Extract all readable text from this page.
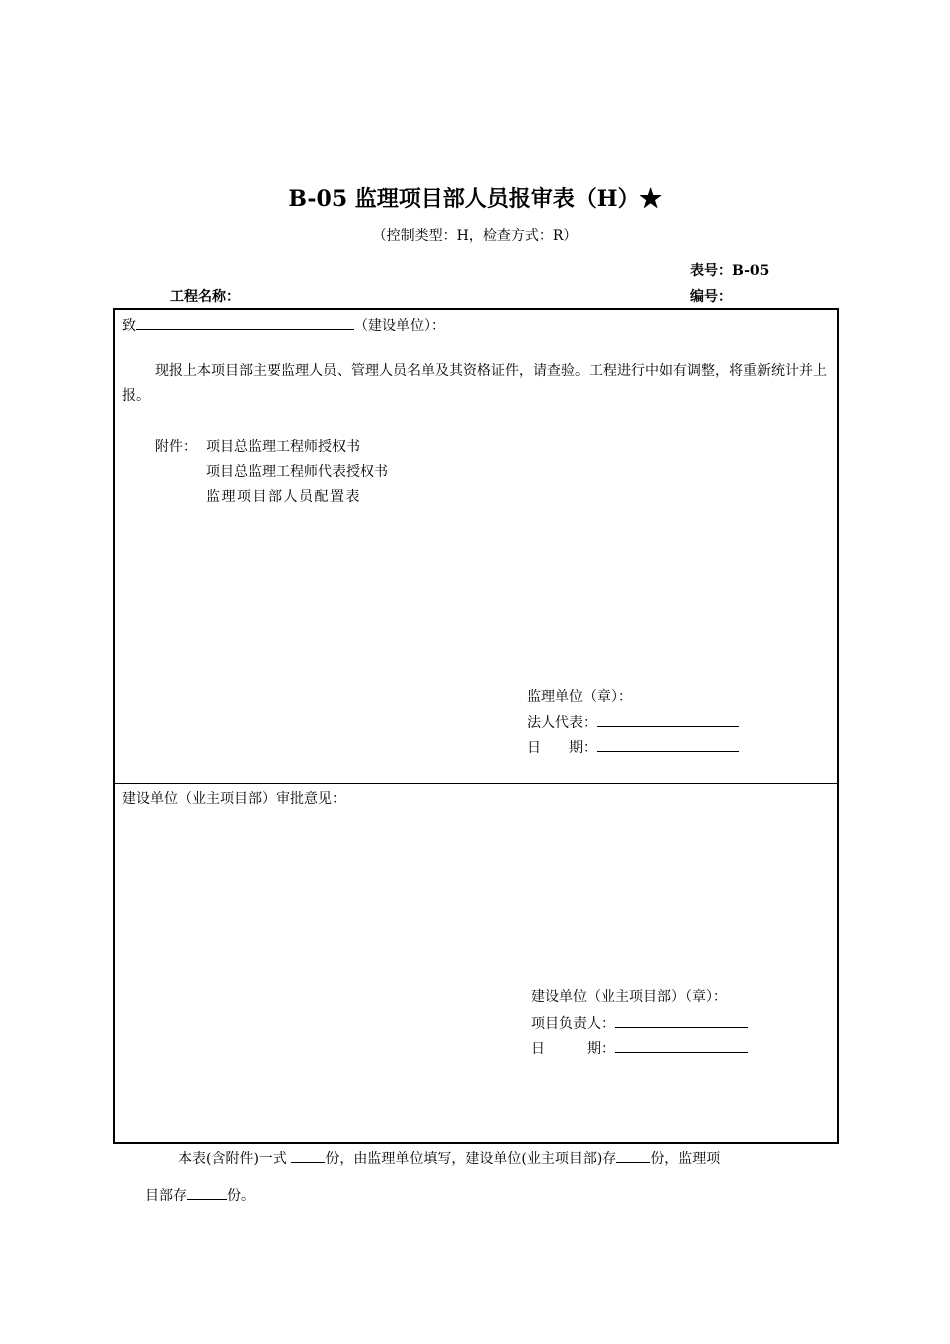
B-05 监理项目部人员报审表（H）★
（控制类型：H，检查方式：R）
表号：B-05
工程名称：	编号：
致	（建设单位）：
现报上本项目部主要监理人员、管理人员名单及其资格证件，请查验。工程进行中如有调整，将重新统计并上报。
附件： 项目总监理工程师授权书
项目总监理工程师代表授权书
监理项目部人员配置表
监理单位（章）：
法人代表：
日　　期：
建设单位（业主项目部）审批意见：
建设单位（业主项目部）（章）：
项目负责人：
日　　　期：
本表(含附件)一式 份，由监理单位填写，建设单位(业主项目部)存 份，监理项
目部存	份。
